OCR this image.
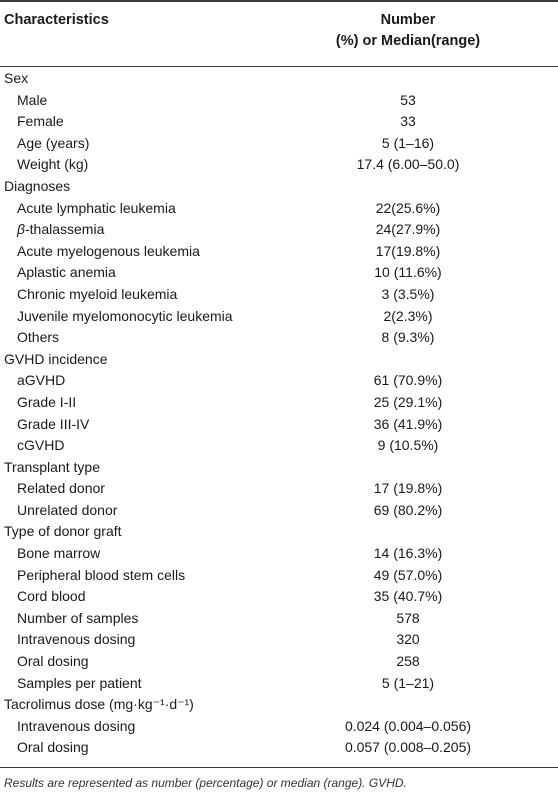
Characteristics	Number
(%) or Median(range)
Sex
Male	53
Female	33
Age (years)	5 (1–16)
Weight (kg)	17.4 (6.00–50.0)
Diagnoses
Acute lymphatic leukemia	22(25.6%)
β-thalassemia	24(27.9%)
Acute myelogenous leukemia	17(19.8%)
Aplastic anemia	10 (11.6%)
Chronic myeloid leukemia	3 (3.5%)
Juvenile myelomonocytic leukemia	2(2.3%)
Others	8 (9.3%)
GVHD incidence
aGVHD	61 (70.9%)
Grade I-II	25 (29.1%)
Grade III-IV	36 (41.9%)
cGVHD	9 (10.5%)
Transplant type
Related donor	17 (19.8%)
Unrelated donor	69 (80.2%)
Type of donor graft
Bone marrow	14 (16.3%)
Peripheral blood stem cells	49 (57.0%)
Cord blood	35 (40.7%)
Number of samples	578
Intravenous dosing	320
Oral dosing	258
Samples per patient	5 (1–21)
Tacrolimus dose (mg·kg⁻¹·d⁻¹)
Intravenous dosing	0.024 (0.004–0.056)
Oral dosing	0.057 (0.008–0.205)
Results are represented as number (percentage) or median (range). GVHD.
